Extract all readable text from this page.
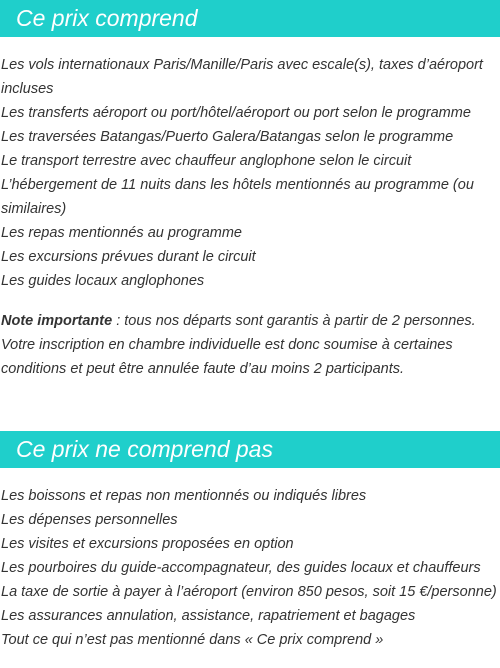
Ce prix comprend
Les vols internationaux Paris/Manille/Paris avec escale(s), taxes d’aéroport incluses
Les transferts aéroport ou port/hôtel/aéroport ou port selon le programme
Les traversées Batangas/Puerto Galera/Batangas selon le programme
Le transport terrestre avec chauffeur anglophone selon le circuit
L’hébergement de 11 nuits dans les hôtels mentionnés au programme (ou similaires)
Les repas mentionnés au programme
Les excursions prévues durant le circuit
Les guides locaux anglophones

Note importante : tous nos départs sont garantis à partir de 2 personnes. Votre inscription en chambre individuelle est donc soumise à certaines conditions et peut être annulée faute d’au moins 2 participants.

Ce prix ne comprend pas
Les boissons et repas non mentionnés ou indiqués libres
Les dépenses personnelles
Les visites et excursions proposées en option
Les pourboires du guide-accompagnateur, des guides locaux et chauffeurs
La taxe de sortie à payer à l’aéroport (environ 850 pesos, soit 15 €/personne)
Les assurances annulation, assistance, rapatriement et bagages
Tout ce qui n’est pas mentionné dans « Ce prix comprend »
